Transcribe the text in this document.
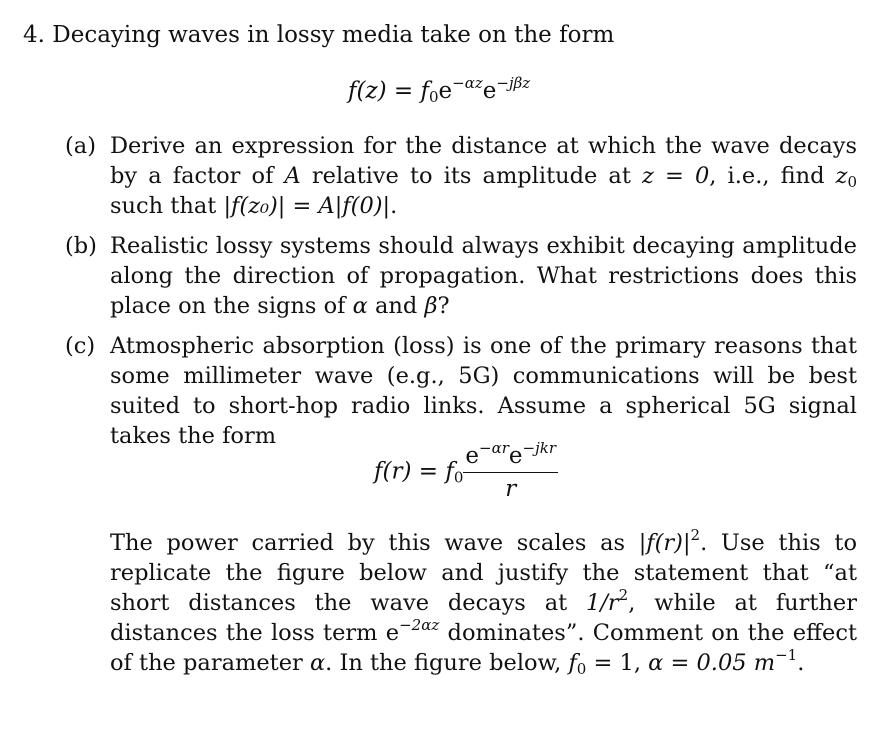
4. Decaying waves in lossy media take on the form
$f(z) = f_0e^{-\alpha z}e^{-j\beta z}$
(a) Derive an expression for the distance at which the wave decays by a factor of A relative to its amplitude at z = 0, i.e., find $z_0$ such that |f(z₀)| = A|f(0)|.
(b) Realistic lossy systems should always exhibit decaying amplitude along the direction of propagation. What restrictions does this place on the signs of α and β?
(c) Atmospheric absorption (loss) is one of the primary reasons that some millimeter wave (e.g., 5G) communications will be best suited to short-hop radio links. Assume a spherical 5G signal takes the form
$f(r) = f_0 \frac{e^{-\alpha r}e^{-jkr}}{r}$
The power carried by this wave scales as $|f(r)|^2$. Use this to replicate the figure below and justify the statement that “at short distances the wave decays at $1/r^2$, while at further distances the loss term $e^{-2\alpha z}$ dominates”. Comment on the effect of the parameter α. In the figure below, $f_0 = 1$, α = 0.05 $m^{-1}$.
